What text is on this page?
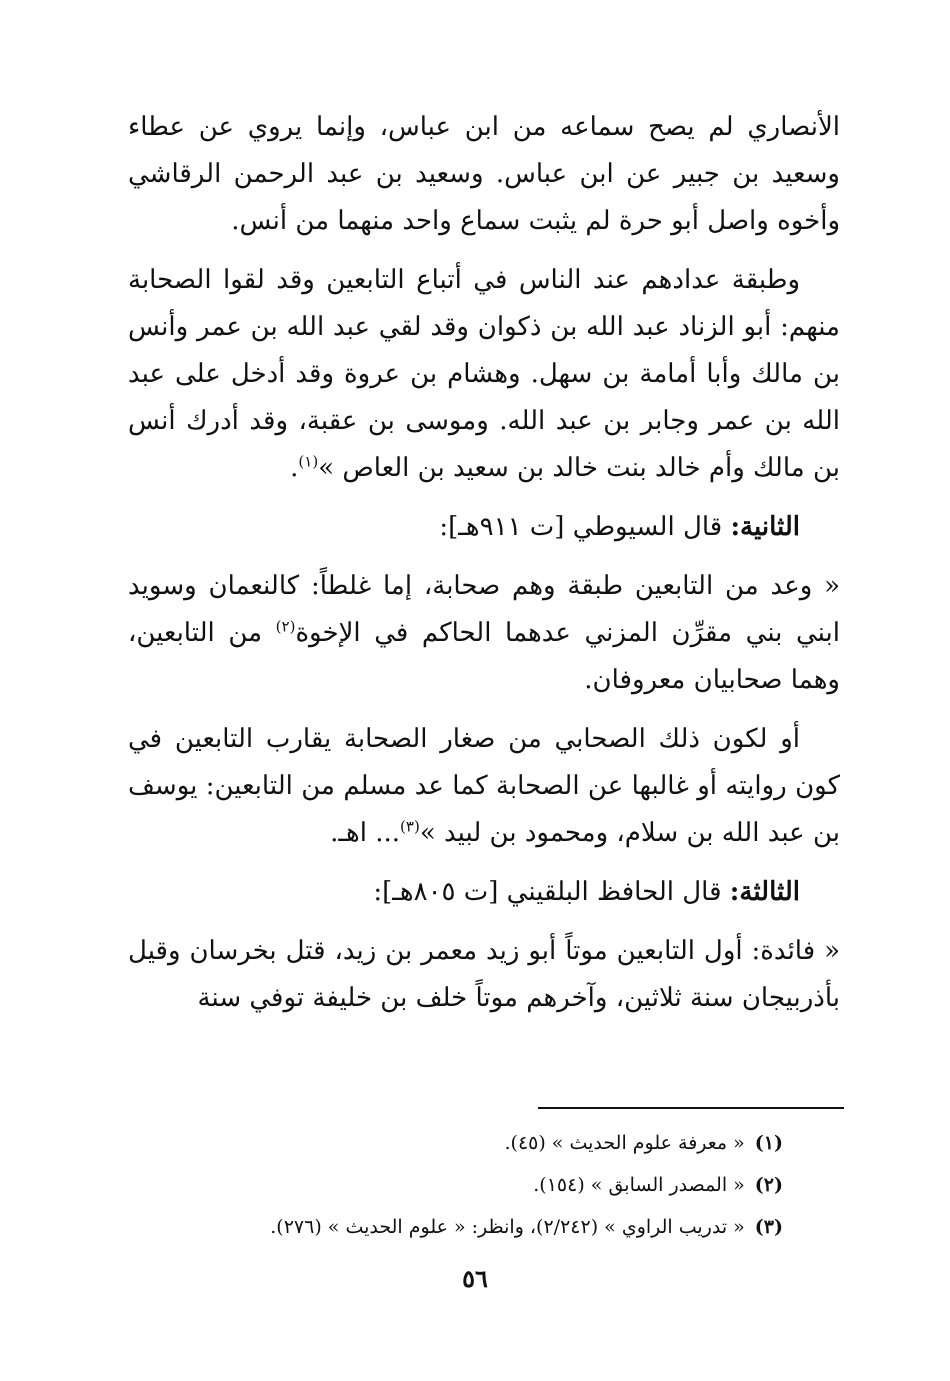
الأنصاري لم يصح سماعه من ابن عباس، وإنما يروي عن عطاء وسعيد بن جبير عن ابن عباس. وسعيد بن عبد الرحمن الرقاشي وأخوه واصل أبو حرة لم يثبت سماع واحد منهما من أنس.

وطبقة عدادهم عند الناس في أتباع التابعين وقد لقوا الصحابة منهم: أبو الزناد عبد الله بن ذكوان وقد لقي عبد الله بن عمر وأنس بن مالك وأبا أمامة بن سهل. وهشام بن عروة وقد أدخل على عبد الله بن عمر وجابر بن عبد الله. وموسى بن عقبة، وقد أدرك أنس بن مالك وأم خالد بنت خالد بن سعيد بن العاص »$^{(١)}$.

الثانية: قال السيوطي [ت ٩١١هـ]:

« وعد من التابعين طبقة وهم صحابة، إما غلطاً: كالنعمان وسويد ابني بني مقرِّن المزني عدهما الحاكم في الإخوة$^{(٢)}$ من التابعين، وهما صحابيان معروفان.

أو لكون ذلك الصحابي من صغار الصحابة يقارب التابعين في كون روايته أو غالبها عن الصحابة كما عد مسلم من التابعين: يوسف بن عبد الله بن سلام، ومحمود بن لبيد »$^{(٣)}$... اهـ.

الثالثة: قال الحافظ البلقيني [ت ٨٠٥هـ]:

« فائدة: أول التابعين موتاً أبو زيد معمر بن زيد، قتل بخرسان وقيل بأذربيجان سنة ثلاثين، وآخرهم موتاً خلف بن خليفة توفي سنة

(١)« معرفة علوم الحديث » (٤٥).
(٢)« المصدر السابق » (١٥٤).
(٣)« تدريب الراوي » (٢/٢٤٢)، وانظر: « علوم الحديث » (٢٧٦).
٥٦
